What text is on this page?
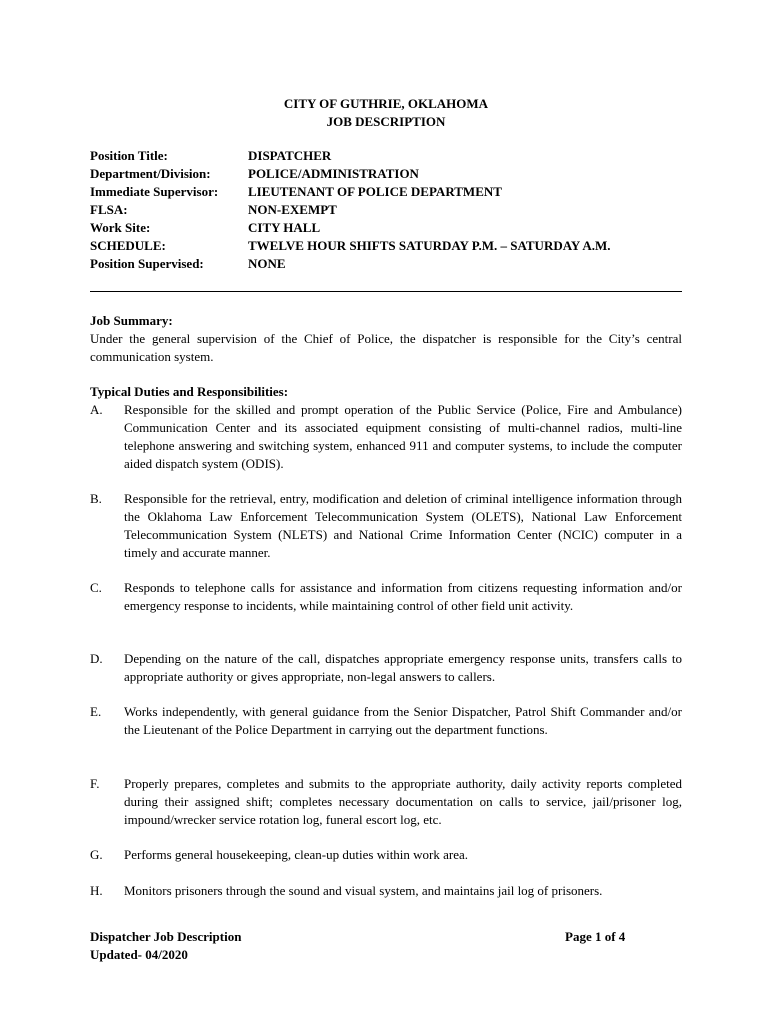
CITY OF GUTHRIE, OKLAHOMA
JOB DESCRIPTION
Position Title:	DISPATCHER
Department/Division:	POLICE/ADMINISTRATION
Immediate Supervisor:	LIEUTENANT OF POLICE DEPARTMENT
FLSA:	NON-EXEMPT
Work Site:	CITY HALL
SCHEDULE:	TWELVE HOUR SHIFTS SATURDAY P.M. – SATURDAY A.M.
Position Supervised:	NONE
Job Summary:
Under the general supervision of the Chief of Police, the dispatcher is responsible for the City’s central communication system.
Typical Duties and Responsibilities:
A.	Responsible for the skilled and prompt operation of the Public Service (Police, Fire and Ambulance) Communication Center and its associated equipment consisting of multi-channel radios, multi-line telephone answering and switching system, enhanced 911 and computer systems, to include the computer aided dispatch system (ODIS).
B.	Responsible for the retrieval, entry, modification and deletion of criminal intelligence information through the Oklahoma Law Enforcement Telecommunication System (OLETS), National Law Enforcement Telecommunication System (NLETS) and National Crime Information Center (NCIC) computer in a timely and accurate manner.
C.	Responds to telephone calls for assistance and information from citizens requesting information and/or emergency response to incidents, while maintaining control of other field unit activity.
D.	Depending on the nature of the call, dispatches appropriate emergency response units, transfers calls to appropriate authority or gives appropriate, non-legal answers to callers.
E.	Works independently, with general guidance from the Senior Dispatcher, Patrol Shift Commander and/or the Lieutenant of the Police Department in carrying out the department functions.
F.	Properly prepares, completes and submits to the appropriate authority, daily activity reports completed during their assigned shift; completes necessary documentation on calls to service, jail/prisoner log, impound/wrecker service rotation log, funeral escort log, etc.
G.	Performs general housekeeping, clean-up duties within work area.
H.	Monitors prisoners through the sound and visual system, and maintains jail log of prisoners.
Dispatcher Job Description
Updated- 04/2020
Page 1 of 4
